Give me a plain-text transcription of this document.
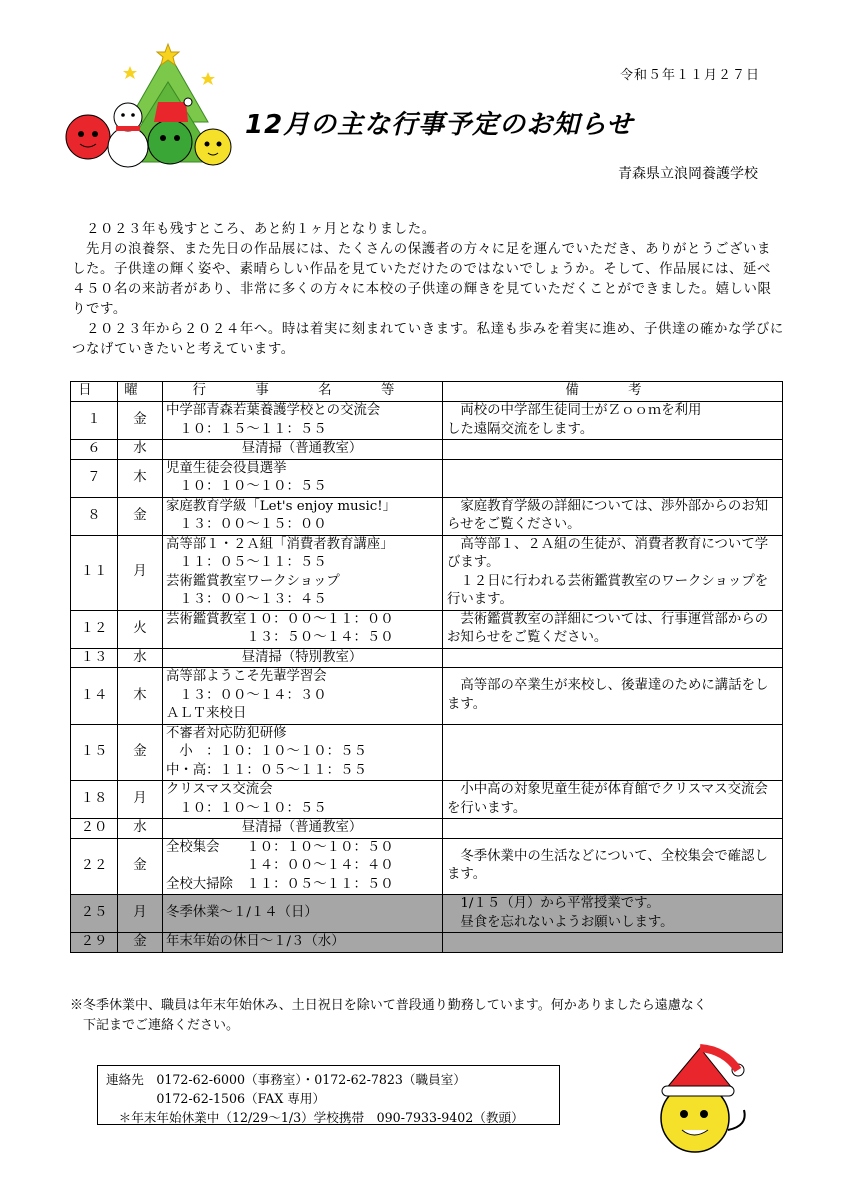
令和５年１１月２７日
12月の主な行事予定のお知らせ
青森県立浪岡養護学校

　２０２３年も残すところ、あと約１ヶ月となりました。

　先月の浪養祭、また先日の作品展には、たくさんの保護者の方々に足を運んでいただき、ありがとうございました。子供達の輝く姿や、素晴らしい作品を見ていただけたのではないでしょうか。そして、作品展には、延べ４５０名の来訪者があり、非常に多くの方々に本校の子供達の輝きを見ていただくことができました。嬉しい限りです。

　２０２３年から２０２４年へ。時は着実に刻まれていきます。私達も歩みを着実に進め、子供達の確かな学びにつなげていきたいと考えています。

日	曜	行　事　名　等	備　考
１	金	中学部青森若葉養護学校との交流会
　１０：１５～１１：５５	　両校の中学部生徒同士がＺｏｏｍを利用
した遠隔交流をします。
６	水	昼清掃（普通教室）	
７	木	児童生徒会役員選挙
　１０：１０～１０：５５	
８	金	家庭教育学級「Let's enjoy music!」
　１３：００～１５：００	　家庭教育学級の詳細については、渉外部からのお知らせをご覧ください。
１１	月	高等部１・２Ａ組「消費者教育講座」
　１１：０５～１１：５５
芸術鑑賞教室ワークショップ
　１３：００～１３：４５	　高等部１、２Ａ組の生徒が、消費者教育について学びます。
　１２日に行われる芸術鑑賞教室のワークショップを行います。
１２	火	芸術鑑賞教室１０：００～１１：００
　　　　　　１３：５０～１４：５０	　芸術鑑賞教室の詳細については、行事運営部からのお知らせをご覧ください。
１３	水	昼清掃（特別教室）	
１４	木	高等部ようこそ先輩学習会
　１３：００～１４：３０
ＡＬＴ来校日	　高等部の卒業生が来校し、後輩達のために講話をします。
１５	金	不審者対応防犯研修
　小　：１０：１０～１０：５５
中・高：１１：０５～１１：５５	
１８	月	クリスマス交流会
　１０：１０～１０：５５	　小中高の対象児童生徒が体育館でクリスマス交流会を行います。
２０	水	昼清掃（普通教室）	
２２	金	全校集会　　１０：１０～１０：５０
　　　　　　１４：００～１４：４０
全校大掃除　１１：０５～１１：５０	　冬季休業中の生活などについて、全校集会で確認します。
２５	月	冬季休業～１/１４（日）	　1/１５（月）から平常授業です。
　昼食を忘れないようお願いします。
２９	金	年末年始の休日～１/３（水）	

※冬季休業中、職員は年末年始休み、土日祝日を除いて普段通り勤務しています。何かありましたら遠慮なく

　下記までご連絡ください。

連絡先　0172-62-6000（事務室）・0172-62-7823（職員室）
　　　　0172-62-1506（FAX 専用）
　＊年末年始休業中（12/29～1/3）学校携帯　090-7933-9402（教頭）
